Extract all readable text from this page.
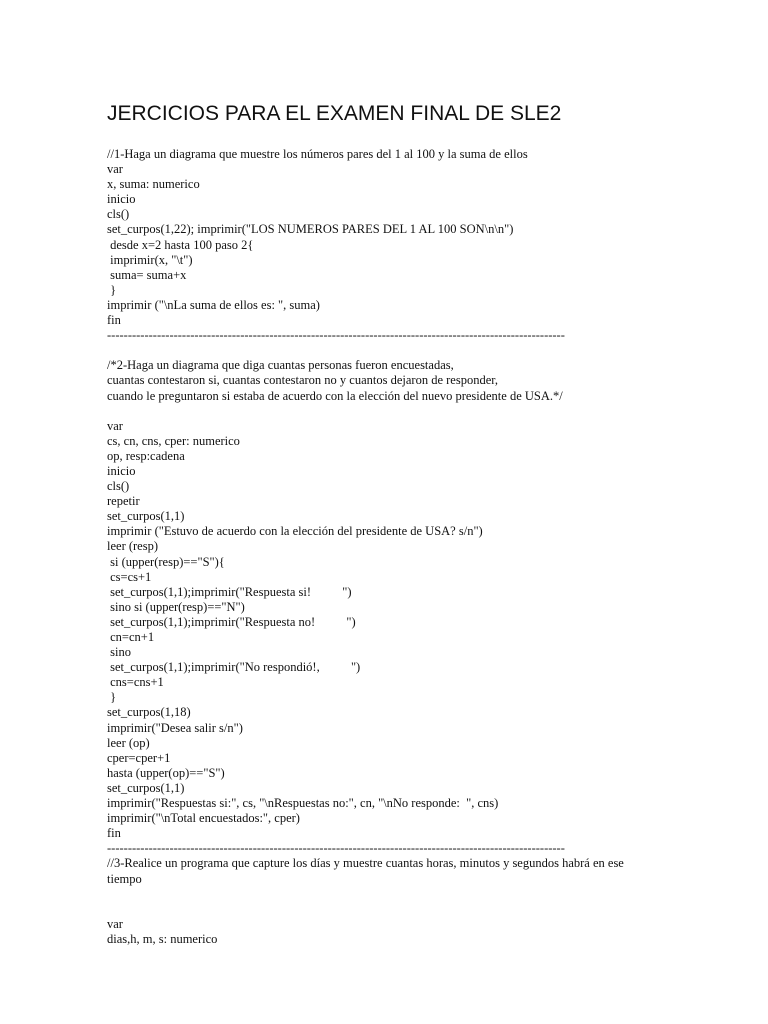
JERCICIOS PARA EL EXAMEN FINAL DE SLE2
//1-Haga un diagrama que muestre los números pares del 1 al 100 y la suma de ellos
var
x, suma: numerico
inicio
cls()
set_curpos(1,22); imprimir("LOS NUMEROS PARES DEL 1 AL 100 SON\n\n")
desde x=2 hasta 100 paso 2{
imprimir(x, "\t")
suma= suma+x
}
imprimir ("\nLa suma de ellos es: ", suma)
fin
--------------------------------------------------------------------------------------------------------------
/*2-Haga un diagrama que diga cuantas personas fueron encuestadas,
cuantas contestaron si, cuantas contestaron no y cuantos dejaron de responder,
cuando le preguntaron si estaba de acuerdo con la elección del nuevo presidente de USA.*/
var
cs, cn, cns, cper: numerico
op, resp:cadena
inicio
cls()
repetir
set_curpos(1,1)
imprimir ("Estuvo de acuerdo con la elección del presidente de USA? s/n")
leer (resp)
si (upper(resp)=="S"){
cs=cs+1
set_curpos(1,1);imprimir("Respuesta si!          ")
sino si (upper(resp)=="N")
set_curpos(1,1);imprimir("Respuesta no!          ")
cn=cn+1
sino
set_curpos(1,1);imprimir("No respondió!,          ")
cns=cns+1
}
set_curpos(1,18)
imprimir("Desea salir s/n")
leer (op)
cper=cper+1
hasta (upper(op)=="S")
set_curpos(1,1)
imprimir("Respuestas si:", cs, "\nRespuestas no:", cn, "\nNo responde:  ", cns)
imprimir("\nTotal encuestados:", cper)
fin
--------------------------------------------------------------------------------------------------------------
//3-Realice un programa que capture los días y muestre cuantas horas, minutos y segundos habrá en ese
tiempo
var
dias,h, m, s: numerico
